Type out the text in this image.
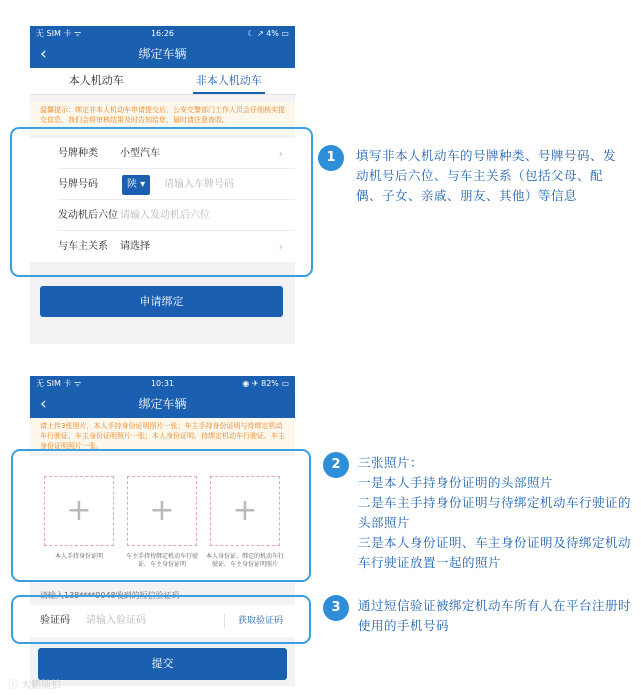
无 SIM 卡 ᯤ	16:26	☾ ↗ 4% ▭
‹	绑定车辆
本人机动车	非本人机动车
温馨提示：绑定非本人机动车申请提交后，公安交警部门工作人员会仔细核实提交信息，我们会将审核结果及时告知给您，届时请注意查收。
号牌种类 小型汽车	›
号牌号码	陕 ▾	请输入车牌号码
发动机后六位 请输入发动机后六位
与车主关系 请选择	›
申请绑定
1	填写非本人机动车的号牌种类、号牌号码、发动机号后六位、与车主关系（包括父母、配偶、子女、亲戚、朋友、其他）等信息
无 SIM 卡 ᯤ	10:31	◉ ✈ 82% ▭
‹	绑定车辆
请上传3张照片，本人手持身份证明照片一张；车主手持身份证明与待绑定机动车行驶证、车主身份证明照片一张；本人身份证明、待绑定机动车行驶证、车主身份证明照片一张。
+
本人手持身份证明
+
车主手持待绑定机动车行驶证、车主身份证明
+
本人身份证、绑定的机动车行驶证、车主身份证明照片
请输入138****9048收到的短信验证码
验证码 请输入验证码	获取验证码
提交
2	三张照片：
一是本人手持身份证明的头部照片
二是车主手持身份证明与待绑定机动车行驶证的头部照片
三是本人身份证明、车主身份证明及待绑定机动车行驶证放置一起的照片
3	通过短信验证被绑定机动车所有人在平台注册时使用的手机号码
ⓘ 大鹏随拍
